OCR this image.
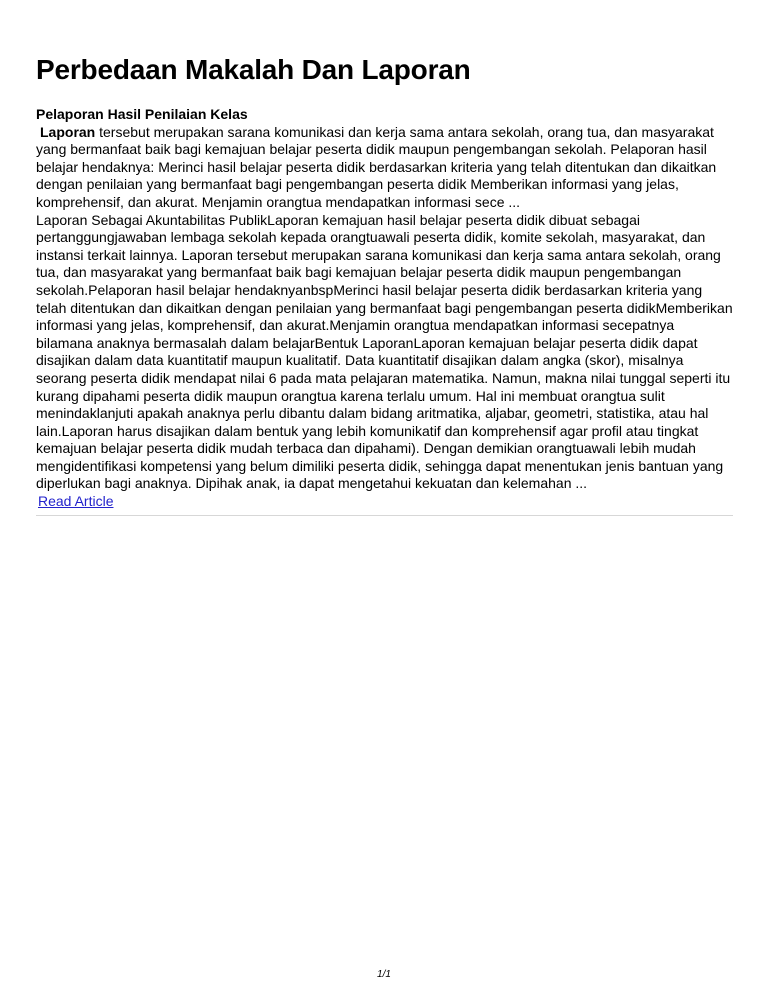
Perbedaan Makalah Dan Laporan
Pelaporan Hasil Penilaian Kelas

Laporan tersebut merupakan sarana komunikasi dan kerja sama antara sekolah, orang tua, dan masyarakat yang bermanfaat baik bagi kemajuan belajar peserta didik maupun pengembangan sekolah. Pelaporan hasil belajar hendaknya: Merinci hasil belajar peserta didik berdasarkan kriteria yang telah ditentukan dan dikaitkan dengan penilaian yang bermanfaat bagi pengembangan peserta didik Memberikan informasi yang jelas, komprehensif, dan akurat. Menjamin orangtua mendapatkan informasi sece ...

Laporan Sebagai Akuntabilitas PublikLaporan kemajuan hasil belajar peserta didik dibuat sebagai pertanggungjawaban lembaga sekolah kepada orangtuawali peserta didik, komite sekolah, masyarakat, dan instansi terkait lainnya. Laporan tersebut merupakan sarana komunikasi dan kerja sama antara sekolah, orang tua, dan masyarakat yang bermanfaat baik bagi kemajuan belajar peserta didik maupun pengembangan sekolah.Pelaporan hasil belajar hendaknyanbspMerinci hasil belajar peserta didik berdasarkan kriteria yang telah ditentukan dan dikaitkan dengan penilaian yang bermanfaat bagi pengembangan peserta didikMemberikan informasi yang jelas, komprehensif, dan akurat.Menjamin orangtua mendapatkan informasi secepatnya bilamana anaknya bermasalah dalam belajarBentuk LaporanLaporan kemajuan belajar peserta didik dapat disajikan dalam data kuantitatif maupun kualitatif. Data kuantitatif disajikan dalam angka (skor), misalnya seorang peserta didik mendapat nilai 6 pada mata pelajaran matematika. Namun, makna nilai tunggal seperti itu kurang dipahami peserta didik maupun orangtua karena terlalu umum. Hal ini membuat orangtua sulit menindaklanjuti apakah anaknya perlu dibantu dalam bidang aritmatika, aljabar, geometri, statistika, atau hal lain.Laporan harus disajikan dalam bentuk yang lebih komunikatif dan komprehensif agar profil atau tingkat kemajuan belajar peserta didik mudah terbaca dan dipahami). Dengan demikian orangtuawali lebih mudah mengidentifikasi kompetensi yang belum dimiliki peserta didik, sehingga dapat menentukan jenis bantuan yang diperlukan bagi anaknya. Dipihak anak, ia dapat mengetahui kekuatan dan kelemahan ...

Read Article
1/1
